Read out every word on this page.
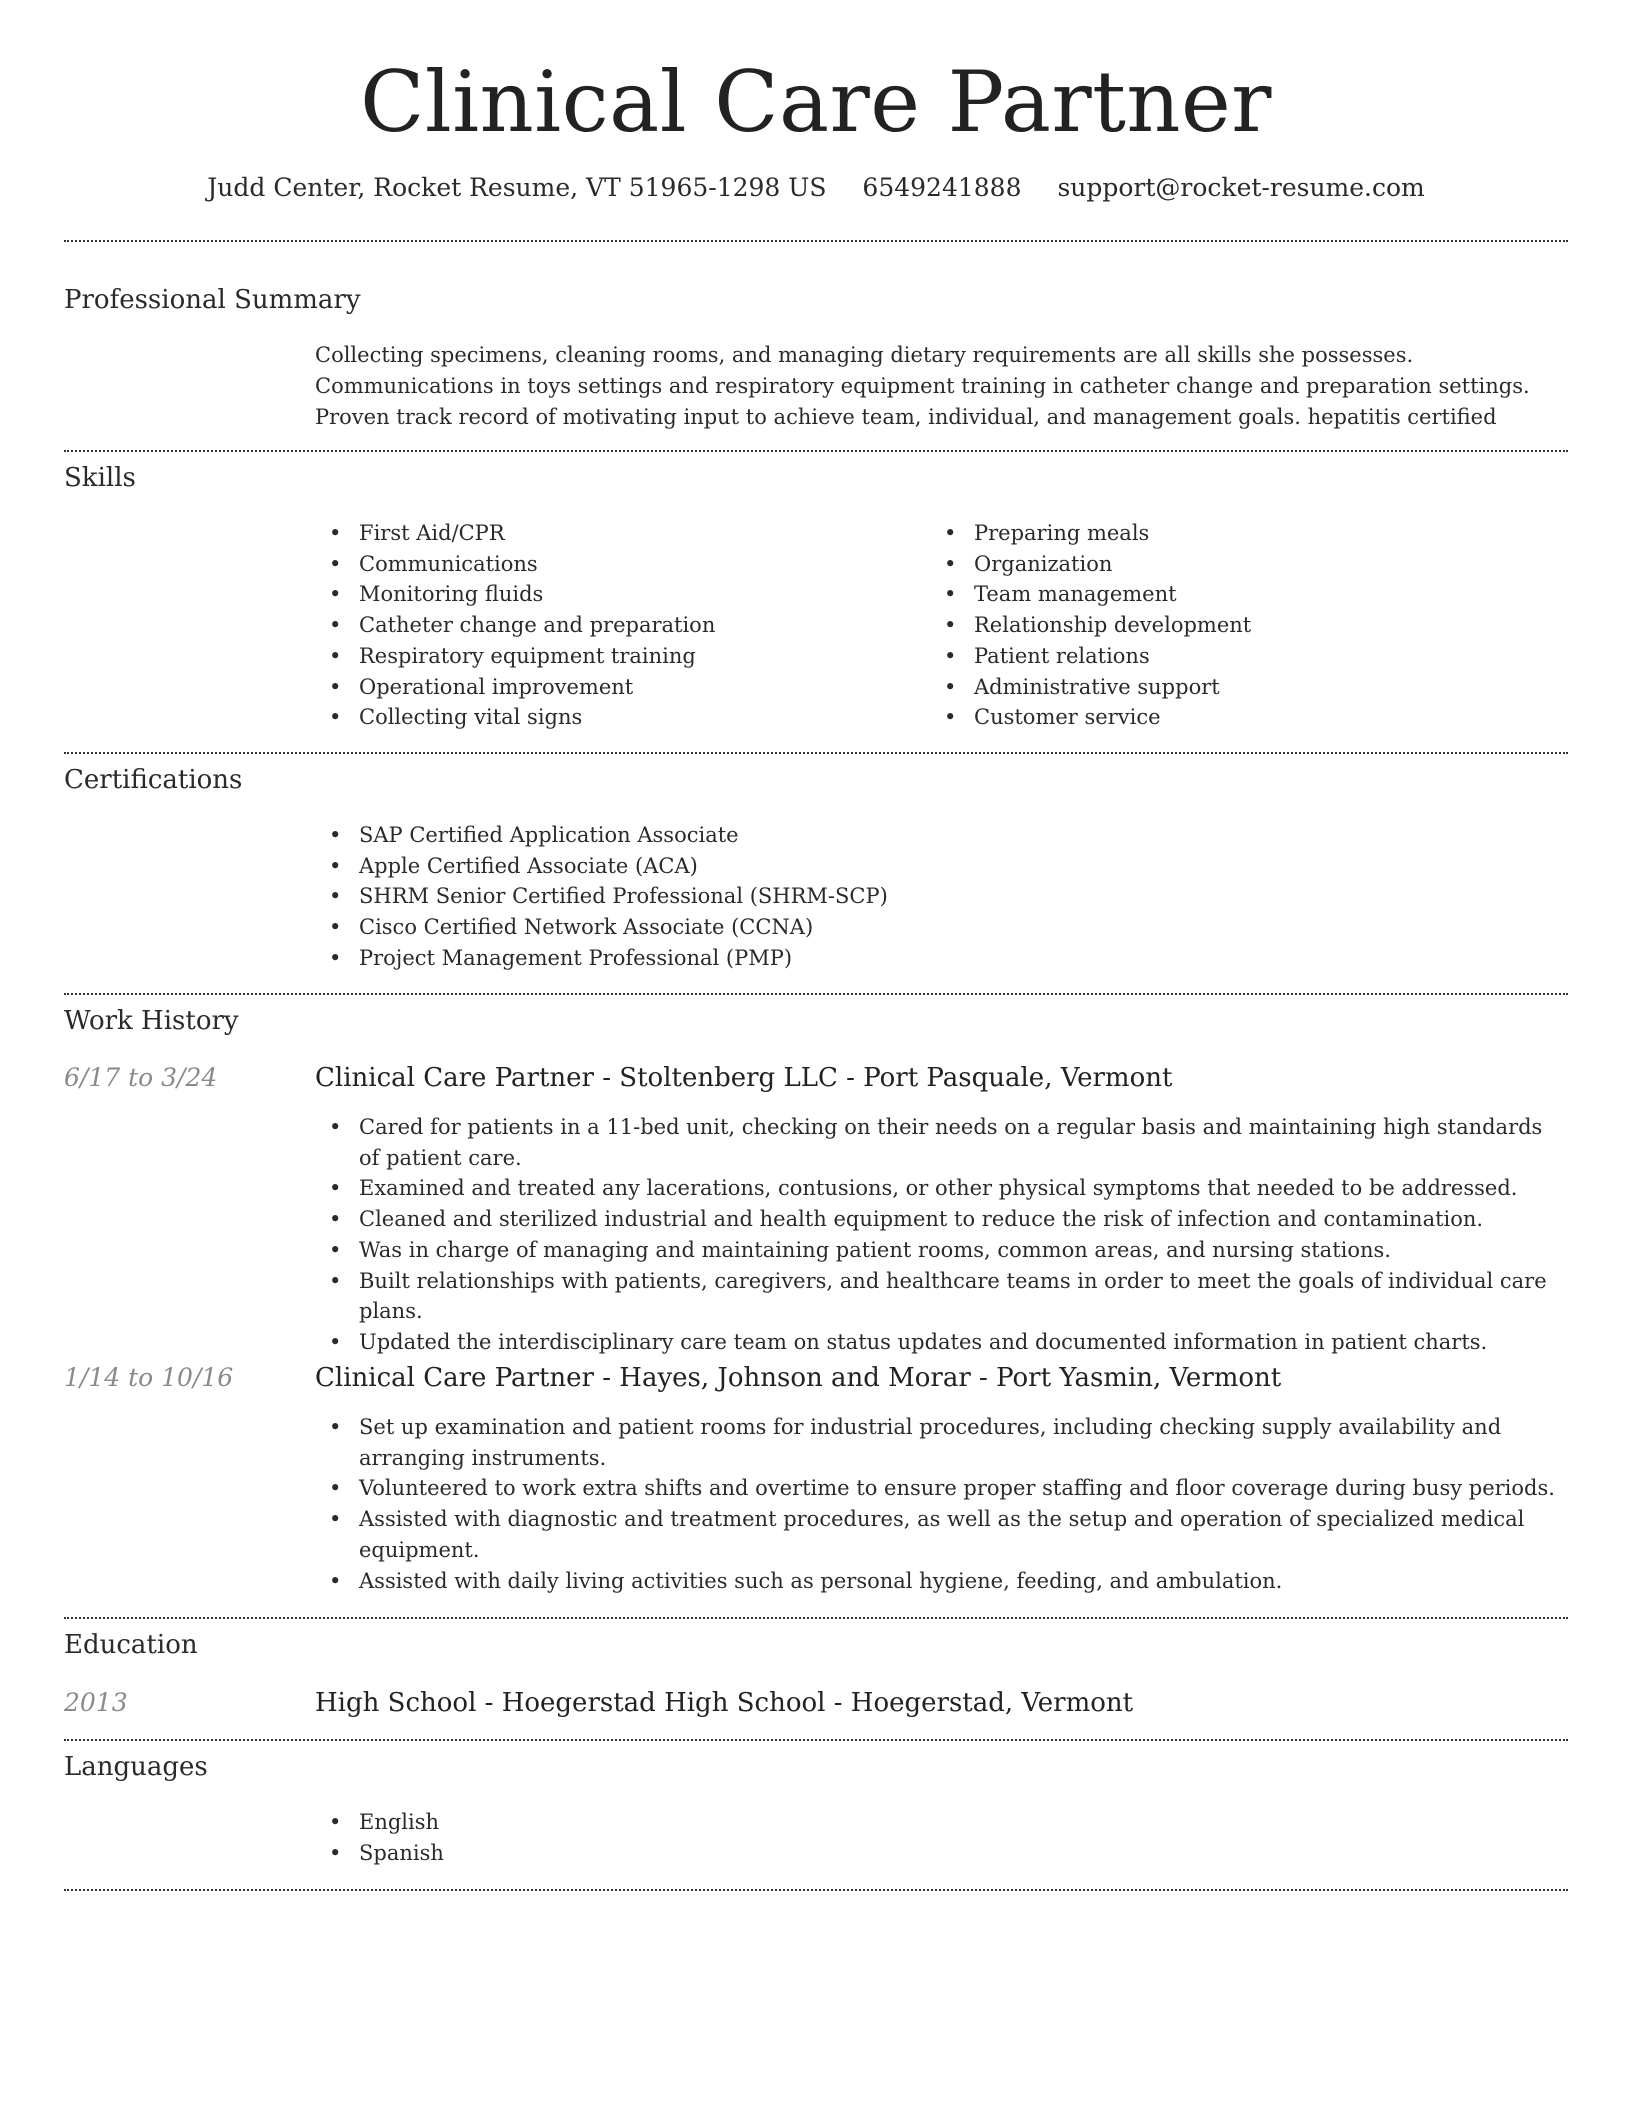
Clinical Care Partner
Judd Center, Rocket Resume, VT 51965-1298 US 6549241888 support@rocket-resume.com
Professional Summary
Collecting specimens, cleaning rooms, and managing dietary requirements are all skills she possesses. Communications in toys settings and respiratory equipment training in catheter change and preparation settings. Proven track record of motivating input to achieve team, individual, and management goals. hepatitis certified
Skills
• First Aid/CPR
• Communications
• Monitoring fluids
• Catheter change and preparation
• Respiratory equipment training
• Operational improvement
• Collecting vital signs
• Preparing meals
• Organization
• Team management
• Relationship development
• Patient relations
• Administrative support
• Customer service
Certifications
• SAP Certified Application Associate
• Apple Certified Associate (ACA)
• SHRM Senior Certified Professional (SHRM-SCP)
• Cisco Certified Network Associate (CCNA)
• Project Management Professional (PMP)
Work History
6/17 to 3/24	Clinical Care Partner - Stoltenberg LLC - Port Pasquale, Vermont
• Cared for patients in a 11-bed unit, checking on their needs on a regular basis and maintaining high standards of patient care.
• Examined and treated any lacerations, contusions, or other physical symptoms that needed to be addressed.
• Cleaned and sterilized industrial and health equipment to reduce the risk of infection and contamination.
• Was in charge of managing and maintaining patient rooms, common areas, and nursing stations.
• Built relationships with patients, caregivers, and healthcare teams in order to meet the goals of individual care plans.
• Updated the interdisciplinary care team on status updates and documented information in patient charts.
1/14 to 10/16	Clinical Care Partner - Hayes, Johnson and Morar - Port Yasmin, Vermont
• Set up examination and patient rooms for industrial procedures, including checking supply availability and arranging instruments.
• Volunteered to work extra shifts and overtime to ensure proper staffing and floor coverage during busy periods.
• Assisted with diagnostic and treatment procedures, as well as the setup and operation of specialized medical equipment.
• Assisted with daily living activities such as personal hygiene, feeding, and ambulation.
Education
2013	High School - Hoegerstad High School - Hoegerstad, Vermont
Languages
• English
• Spanish
